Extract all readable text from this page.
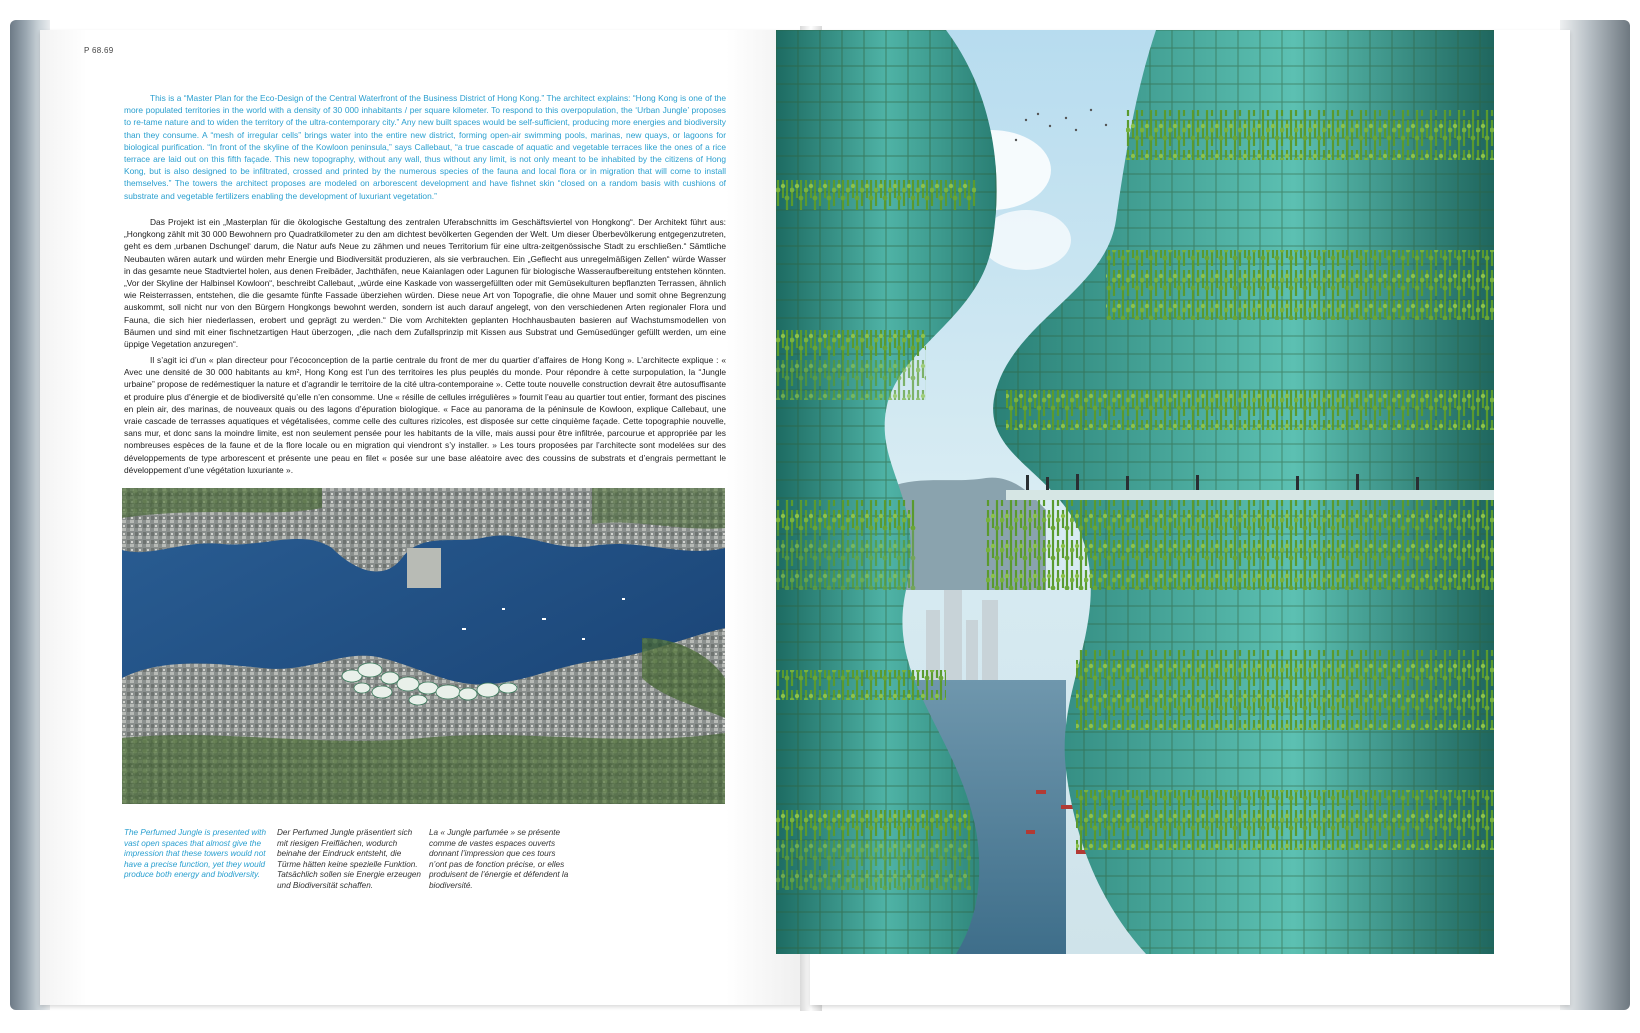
P 68.69

This is a “Master Plan for the Eco-Design of the Central Waterfront of the Business District of Hong Kong.” The architect explains: “Hong Kong is one of the more populated territories in the world with a density of 30 000 inhabitants / per square kilometer. To respond to this overpopulation, the ‘Urban Jungle’ proposes to re-tame nature and to widen the territory of the ultra-contemporary city.” Any new built spaces would be self-sufficient, producing more energies and biodiversity than they consume. A “mesh of irregular cells” brings water into the entire new district, forming open-air swimming pools, marinas, new quays, or lagoons for biological purification. “In front of the skyline of the Kowloon peninsula,” says Callebaut, “a true cascade of aquatic and vegetable terraces like the ones of a rice terrace are laid out on this fifth façade. This new topography, without any wall, thus without any limit, is not only meant to be inhabited by the citizens of Hong Kong, but is also designed to be infiltrated, crossed and printed by the numerous species of the fauna and local flora or in migration that will come to install themselves.” The towers the architect proposes are modeled on arborescent development and have fishnet skin “closed on a random basis with cushions of substrate and vegetable fertilizers enabling the development of luxuriant vegetation.”

Das Projekt ist ein „Masterplan für die ökologische Gestaltung des zentralen Uferabschnitts im Geschäftsviertel von Hongkong“. Der Architekt führt aus: „Hongkong zählt mit 30 000 Bewohnern pro Quadratkilometer zu den am dichtest bevölkerten Gegenden der Welt. Um dieser Überbevölkerung entgegenzutreten, geht es dem ‚urbanen Dschungel‘ darum, die Natur aufs Neue zu zähmen und neues Territorium für eine ultra-zeitgenössische Stadt zu erschließen.“ Sämtliche Neubauten wären autark und würden mehr Energie und Biodiversität produzieren, als sie verbrauchen. Ein „Geflecht aus unregelmäßigen Zellen“ würde Wasser in das gesamte neue Stadtviertel holen, aus denen Freibäder, Jachthäfen, neue Kaianlagen oder Lagunen für biologische Wasseraufbereitung entstehen könnten. „Vor der Skyline der Halbinsel Kowloon“, beschreibt Callebaut, „würde eine Kaskade von wassergefüllten oder mit Gemüsekulturen bepflanzten Terrassen, ähnlich wie Reisterrassen, entstehen, die die gesamte fünfte Fassade überziehen würden. Diese neue Art von Topografie, die ohne Mauer und somit ohne Begrenzung auskommt, soll nicht nur von den Bürgern Hongkongs bewohnt werden, sondern ist auch darauf angelegt, von den verschiedenen Arten regionaler Flora und Fauna, die sich hier niederlassen, erobert und geprägt zu werden.“ Die vom Architekten geplanten Hochhausbauten basieren auf Wachstumsmodellen von Bäumen und sind mit einer fischnetzartigen Haut überzogen, „die nach dem Zufallsprinzip mit Kissen aus Substrat und Gemüsedünger gefüllt werden, um eine üppige Vegetation anzuregen“.

Il s’agit ici d’un « plan directeur pour l’écoconception de la partie centrale du front de mer du quartier d’affaires de Hong Kong ». L’architecte explique : « Avec une densité de 30 000 habitants au km², Hong Kong est l’un des territoires les plus peuplés du monde. Pour répondre à cette surpopulation, la “Jungle urbaine” propose de redémestiquer la nature et d’agrandir le territoire de la cité ultra-contemporaine ». Cette toute nouvelle construction devrait être autosuffisante et produire plus d’énergie et de biodiversité qu’elle n’en consomme. Une « résille de cellules irrégulières » fournit l’eau au quartier tout entier, formant des piscines en plein air, des marinas, de nouveaux quais ou des lagons d’épuration biologique. « Face au panorama de la péninsule de Kowloon, explique Callebaut, une vraie cascade de terrasses aquatiques et végétalisées, comme celle des cultures rizicoles, est disposée sur cette cinquième façade. Cette topographie nouvelle, sans mur, et donc sans la moindre limite, est non seulement pensée pour les habitants de la ville, mais aussi pour être infiltrée, parcourue et appropriée par les nombreuses espèces de la faune et de la flore locale ou en migration qui viendront s’y installer. » Les tours proposées par l’architecte sont modelées sur des développements de type arborescent et présente une peau en filet « posée sur une base aléatoire avec des coussins de substrats et d’engrais permettant le développement d’une végétation luxuriante ».

The Perfumed Jungle is presented with vast open spaces that almost give the impression that these towers would not have a precise function, yet they would produce both energy and biodiversity.
Der Perfumed Jungle präsentiert sich mit riesigen Freiflächen, wodurch beinahe der Eindruck entsteht, die Türme hätten keine spezielle Funktion. Tatsächlich sollen sie Energie erzeugen und Biodiversität schaffen.
La « Jungle parfumée » se présente comme de vastes espaces ouverts donnant l’impression que ces tours n’ont pas de fonction précise, or elles produisent de l’énergie et défendent la biodiversité.
